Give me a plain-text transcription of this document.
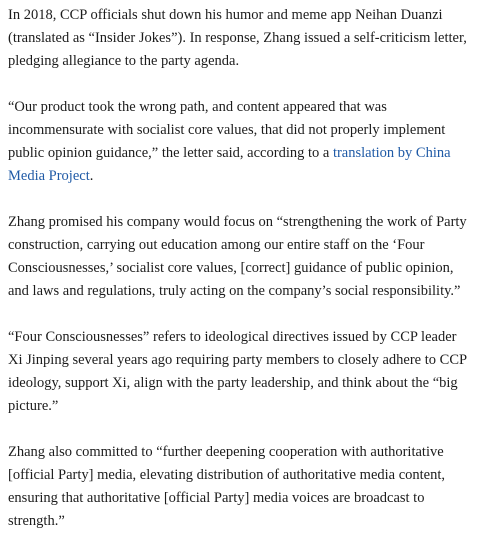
In 2018, CCP officials shut down his humor and meme app Neihan Duanzi (translated as “Insider Jokes”). In response, Zhang issued a self-criticism letter, pledging allegiance to the party agenda.

“Our product took the wrong path, and content appeared that was incommensurate with socialist core values, that did not properly implement public opinion guidance,” the letter said, according to a translation by China Media Project.

Zhang promised his company would focus on “strengthening the work of Party construction, carrying out education among our entire staff on the ‘Four Consciousnesses,’ socialist core values, [correct] guidance of public opinion, and laws and regulations, truly acting on the company’s social responsibility.”

“Four Consciousnesses” refers to ideological directives issued by CCP leader Xi Jinping several years ago requiring party members to closely adhere to CCP ideology, support Xi, align with the party leadership, and think about the “big picture.”

Zhang also committed to “further deepening cooperation with authoritative [official Party] media, elevating distribution of authoritative media content, ensuring that authoritative [official Party] media voices are broadcast to strength.”
